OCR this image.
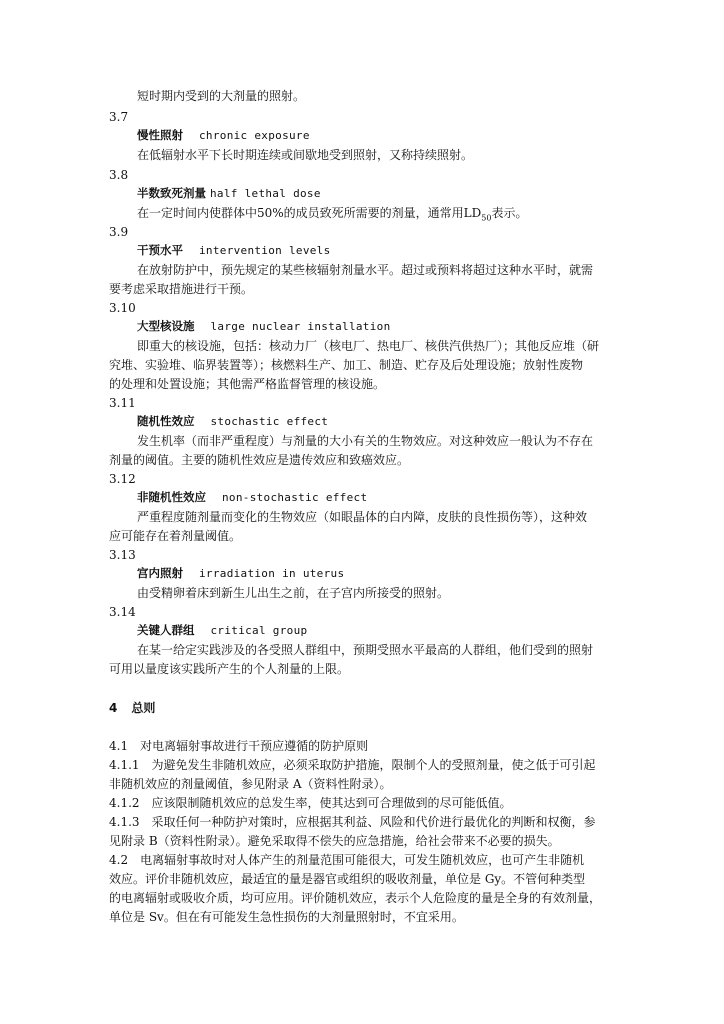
短时期内受到的大剂量的照射。
3.7
慢性照射 chronic exposure
在低辐射水平下长时期连续或间歇地受到照射，又称持续照射。
3.8
半数致死剂量 half lethal dose
在一定时间内使群体中50%的成员致死所需要的剂量，通常用$LD_{50}$表示。
3.9
干预水平 intervention levels
在放射防护中，预先规定的某些核辐射剂量水平。超过或预料将超过这种水平时，就需
要考虑采取措施进行干预。
3.10
大型核设施 large nuclear installation
即重大的核设施，包括：核动力厂（核电厂、热电厂、核供汽供热厂）；其他反应堆（研
究堆、实验堆、临界装置等）；核燃料生产、加工、制造、贮存及后处理设施；放射性废物
的处理和处置设施；其他需严格监督管理的核设施。
3.11
随机性效应 stochastic effect
发生机率（而非严重程度）与剂量的大小有关的生物效应。对这种效应一般认为不存在
剂量的阈值。主要的随机性效应是遗传效应和致癌效应。
3.12
非随机性效应 non-stochastic effect
严重程度随剂量而变化的生物效应（如眼晶体的白内障，皮肤的良性损伤等），这种效
应可能存在着剂量阈值。
3.13
宫内照射 irradiation in uterus
由受精卵着床到新生儿出生之前，在子宫内所接受的照射。
3.14
关键人群组 critical group
在某一给定实践涉及的各受照人群组中，预期受照水平最高的人群组，他们受到的照射
可用以量度该实践所产生的个人剂量的上限。
4 总则
4.1　对电离辐射事故进行干预应遵循的防护原则
4.1.1　为避免发生非随机效应，必须采取防护措施，限制个人的受照剂量，使之低于可引起
非随机效应的剂量阈值，参见附录 A（资料性附录）。
4.1.2　应该限制随机效应的总发生率，使其达到可合理做到的尽可能低值。
4.1.3　采取任何一种防护对策时，应根据其利益、风险和代价进行最优化的判断和权衡，参
见附录 B（资料性附录）。避免采取得不偿失的应急措施，给社会带来不必要的损失。
4.2　电离辐射事故时对人体产生的剂量范围可能很大，可发生随机效应，也可产生非随机
效应。评价非随机效应，最适宜的量是器官或组织的吸收剂量，单位是 Gy。不管何种类型
的电离辐射或吸收介质，均可应用。评价随机效应，表示个人危险度的量是全身的有效剂量，
单位是 Sv。但在有可能发生急性损伤的大剂量照射时，不宜采用。
